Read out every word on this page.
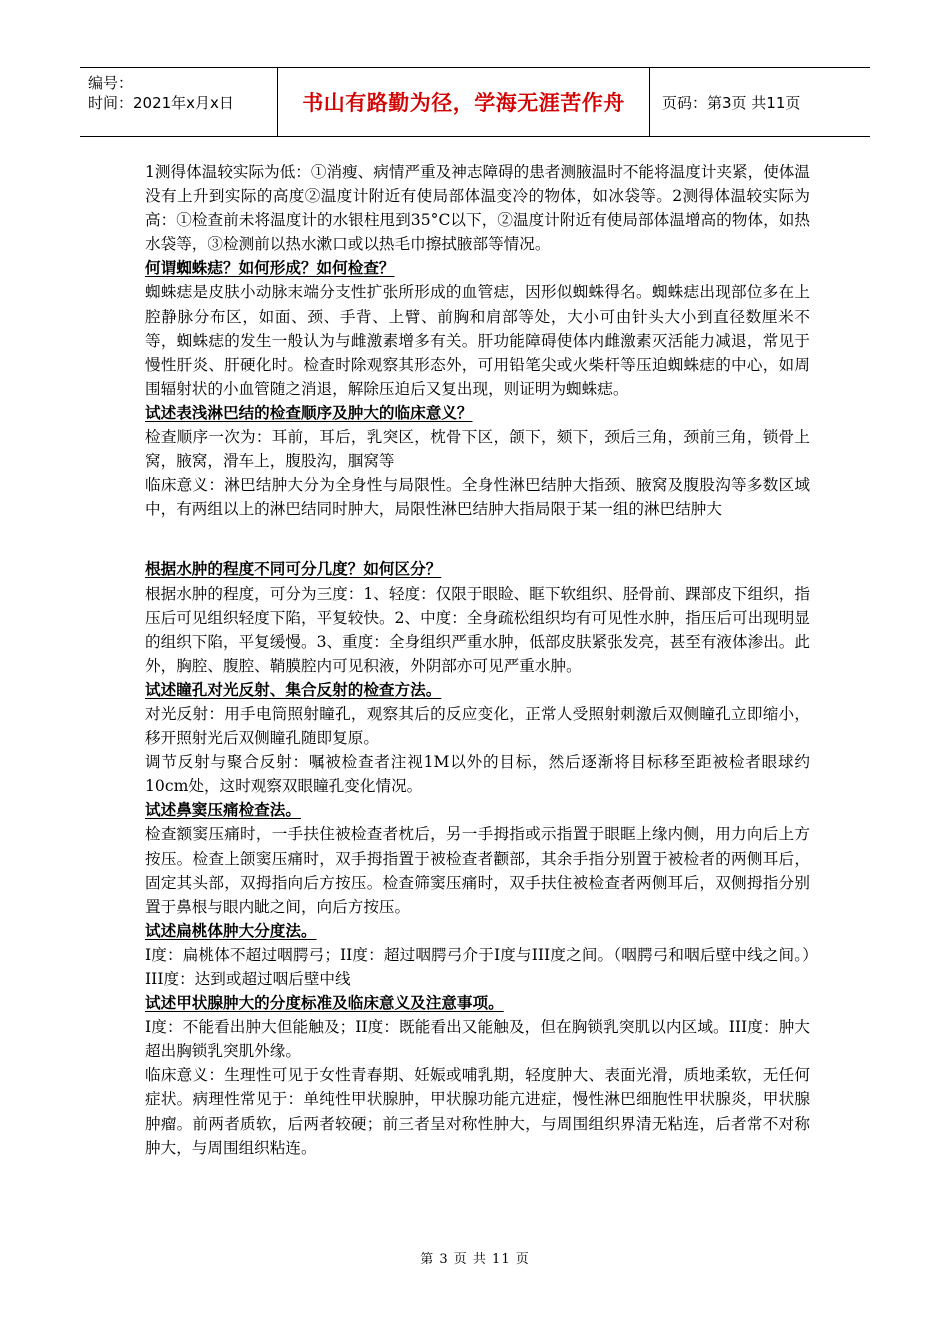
编号：
时间：2021年x月x日	书山有路勤为径，学海无涯苦作舟	页码：第3页 共11页

1测得体温较实际为低：①消瘦、病情严重及神志障碍的患者测腋温时不能将温度计夹紧，使体温没有上升到实际的高度②温度计附近有使局部体温变冷的物体，如冰袋等。2测得体温较实际为高：①检查前未将温度计的水银柱甩到35°C以下，②温度计附近有使局部体温增高的物体，如热水袋等，③检测前以热水漱口或以热毛巾擦拭腋部等情况。

何谓蜘蛛痣？如何形成？如何检查？

蜘蛛痣是皮肤小动脉末端分支性扩张所形成的血管痣，因形似蜘蛛得名。蜘蛛痣出现部位多在上腔静脉分布区，如面、颈、手背、上臂、前胸和肩部等处，大小可由针头大小到直径数厘米不等，蜘蛛痣的发生一般认为与雌激素增多有关。肝功能障碍使体内雌激素灭活能力减退，常见于慢性肝炎、肝硬化时。检查时除观察其形态外，可用铅笔尖或火柴杆等压迫蜘蛛痣的中心，如周围辐射状的小血管随之消退，解除压迫后又复出现，则证明为蜘蛛痣。

试述表浅淋巴结的检查顺序及肿大的临床意义？

检查顺序一次为：耳前，耳后，乳突区，枕骨下区，颌下，颏下，颈后三角，颈前三角，锁骨上窝，腋窝，滑车上，腹股沟，腘窝等

临床意义：淋巴结肿大分为全身性与局限性。全身性淋巴结肿大指颈、腋窝及腹股沟等多数区域中，有两组以上的淋巴结同时肿大，局限性淋巴结肿大指局限于某一组的淋巴结肿大

根据水肿的程度不同可分几度？如何区分？

根据水肿的程度，可分为三度：1、轻度：仅限于眼睑、眶下软组织、胫骨前、踝部皮下组织，指压后可见组织轻度下陷，平复较快。2、中度：全身疏松组织均有可见性水肿，指压后可出现明显的组织下陷，平复缓慢。3、重度：全身组织严重水肿，低部皮肤紧张发亮，甚至有液体渗出。此外，胸腔、腹腔、鞘膜腔内可见积液，外阴部亦可见严重水肿。

试述瞳孔对光反射、集合反射的检查方法。

对光反射：用手电筒照射瞳孔，观察其后的反应变化，正常人受照射刺激后双侧瞳孔立即缩小，移开照射光后双侧瞳孔随即复原。

调节反射与聚合反射：嘱被检查者注视1M以外的目标，然后逐渐将目标移至距被检者眼球约10cm处，这时观察双眼瞳孔变化情况。

试述鼻窦压痛检查法。

检查额窦压痛时，一手扶住被检查者枕后，另一手拇指或示指置于眼眶上缘内侧，用力向后上方按压。检查上颌窦压痛时，双手拇指置于被检查者颧部，其余手指分别置于被检者的两侧耳后，固定其头部，双拇指向后方按压。检查筛窦压痛时，双手扶住被检查者两侧耳后，双侧拇指分别置于鼻根与眼内眦之间，向后方按压。

试述扁桃体肿大分度法。

I度：扁桃体不超过咽腭弓；II度：超过咽腭弓介于Ⅰ度与III度之间。（咽腭弓和咽后壁中线之间。）III度：达到或超过咽后壁中线

试述甲状腺肿大的分度标准及临床意义及注意事项。

I度：不能看出肿大但能触及；II度：既能看出又能触及，但在胸锁乳突肌以内区域。III度：肿大超出胸锁乳突肌外缘。

临床意义：生理性可见于女性青春期、妊娠或哺乳期，轻度肿大、表面光滑，质地柔软，无任何症状。病理性常见于：单纯性甲状腺肿，甲状腺功能亢进症，慢性淋巴细胞性甲状腺炎，甲状腺肿瘤。前两者质软，后两者较硬；前三者呈对称性肿大，与周围组织界清无粘连，后者常不对称肿大，与周围组织粘连。

第 3 页 共 11 页
